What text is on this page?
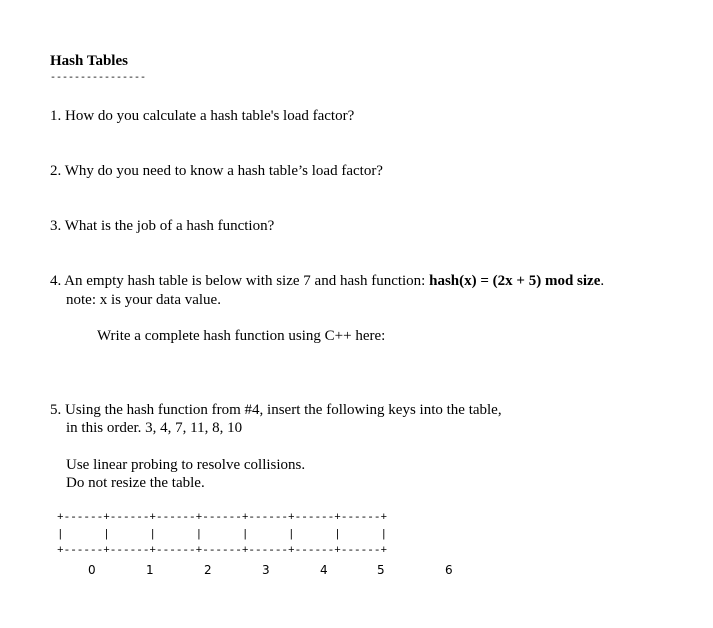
Hash Tables
----------------
1. How do you calculate a hash table's load factor?
2. Why do you need to know a hash table’s load factor?
3. What is the job of a hash function?
4. An empty hash table is below with size 7 and hash function: hash(x) = (2x + 5) mod size.
note: x is your data value.
Write a complete hash function using C++ here:
5. Using the hash function from #4, insert the following keys into the table,
in this order. 3, 4, 7, 11, 8, 10
Use linear probing to resolve collisions.
Do not resize the table.
+------+------+------+------+------+------+------+
|      |      |      |      |      |      |      |
+------+------+------+------+------+------+------+
0	1	2	3	4	5	6
